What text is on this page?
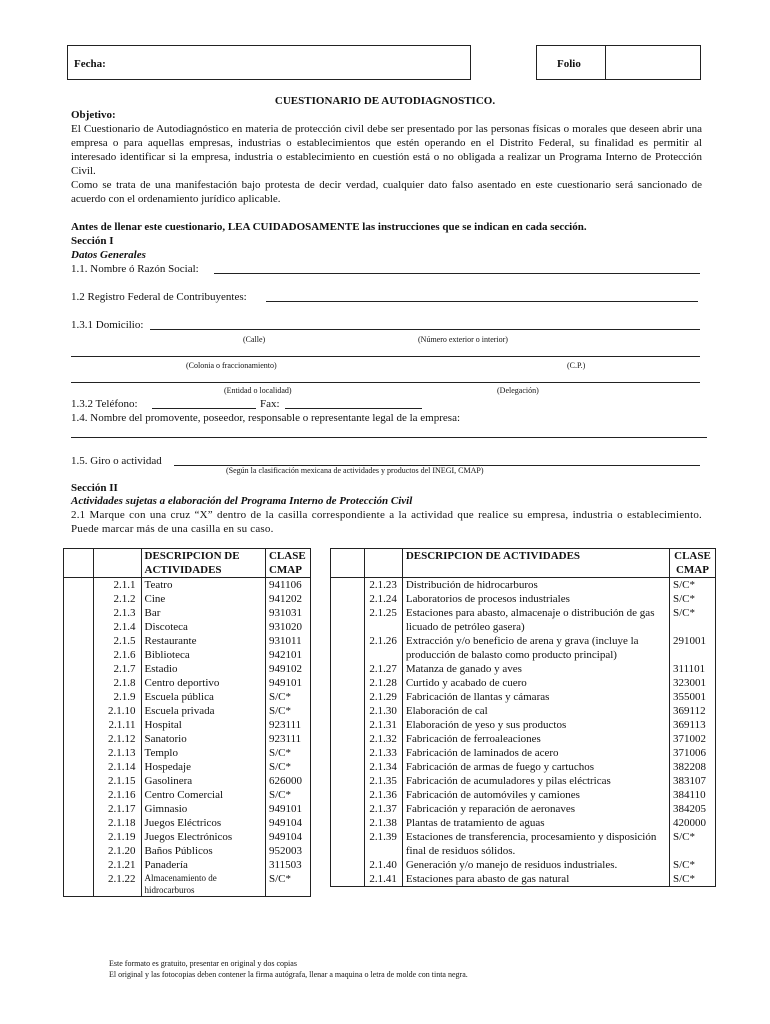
Fecha:	Folio
CUESTIONARIO DE AUTODIAGNOSTICO.
Objetivo:
El Cuestionario de Autodiagnóstico en materia de protección civil debe ser presentado por las personas físicas o morales que deseen abrir una empresa o para aquellas empresas, industrias o establecimientos que estén operando en el Distrito Federal, su finalidad es permitir al interesado identificar si la empresa, industria o establecimiento en cuestión está o no obligada a realizar un Programa Interno de Protección Civil.
Como se trata de una manifestación bajo protesta de decir verdad, cualquier dato falso asentado en este cuestionario será sancionado de acuerdo con el ordenamiento jurídico aplicable.
Antes de llenar este cuestionario, LEA CUIDADOSAMENTE las instrucciones que se indican en cada sección.
Sección I
Datos Generales
1.1. Nombre ó Razón Social:
1.2 Registro Federal de Contribuyentes:
1.3.1 Domicilio:
(Calle)	(Número exterior o interior)
(Colonia o fraccionamiento)	(C.P.)
(Entidad o localidad)	(Delegación)
1.3.2 Teléfono:	Fax:
1.4. Nombre del promovente, poseedor, responsable o representante legal de la empresa:
1.5. Giro o actividad
(Según la clasificación mexicana de actividades y productos del INEGI, CMAP)
Sección II
Actividades sujetas a elaboración del Programa Interno de Protección Civil
2.1 Marque con una cruz “X” dentro de la casilla correspondiente a la actividad que realice su empresa, industria o establecimiento. Puede marcar más de una casilla en su caso.
		DESCRIPCION DE ACTIVIDADES	CLASE CMAP
	2.1.1	Teatro	941106
	2.1.2	Cine	941202
	2.1.3	Bar	931031
	2.1.4	Discoteca	931020
	2.1.5	Restaurante	931011
	2.1.6	Biblioteca	942101
	2.1.7	Estadio	949102
	2.1.8	Centro deportivo	949101
	2.1.9	Escuela pública	S/C*
	2.1.10	Escuela privada	S/C*
	2.1.11	Hospital	923111
	2.1.12	Sanatorio	923111
	2.1.13	Templo	S/C*
	2.1.14	Hospedaje	S/C*
	2.1.15	Gasolinera	626000
	2.1.16	Centro Comercial	S/C*
	2.1.17	Gimnasio	949101
	2.1.18	Juegos Eléctricos	949104
	2.1.19	Juegos Electrónicos	949104
	2.1.20	Baños Públicos	952003
	2.1.21	Panadería	311503
	2.1.22	Almacenamiento de hidrocarburos	S/C*
		DESCRIPCION DE ACTIVIDADES	CLASE CMAP
	2.1.23	Distribución de hidrocarburos	S/C*
	2.1.24	Laboratorios de procesos industriales	S/C*
	2.1.25	Estaciones para abasto, almacenaje o distribución de gas licuado de petróleo gasera)	S/C*
	2.1.26	Extracción y/o beneficio de arena y grava (incluye la producción de balasto como producto principal)	291001
	2.1.27	Matanza de ganado y aves	311101
	2.1.28	Curtido y acabado de cuero	323001
	2.1.29	Fabricación de llantas y cámaras	355001
	2.1.30	Elaboración de cal	369112
	2.1.31	Elaboración de yeso y sus productos	369113
	2.1.32	Fabricación de ferroaleaciones	371002
	2.1.33	Fabricación de laminados de acero	371006
	2.1.34	Fabricación de armas de fuego y cartuchos	382208
	2.1.35	Fabricación de acumuladores y pilas eléctricas	383107
	2.1.36	Fabricación de automóviles y camiones	384110
	2.1.37	Fabricación y reparación de aeronaves	384205
	2.1.38	Plantas de tratamiento de aguas	420000
	2.1.39	Estaciones de transferencia, procesamiento y disposición final de residuos sólidos.	S/C*
	2.1.40	Generación y/o manejo de residuos industriales.	S/C*
	2.1.41	Estaciones para abasto de gas natural	S/C*
Este formato es gratuito, presentar en original y dos copias
El original y las fotocopias deben contener la firma autógrafa, llenar a maquina o letra de molde con tinta negra.
